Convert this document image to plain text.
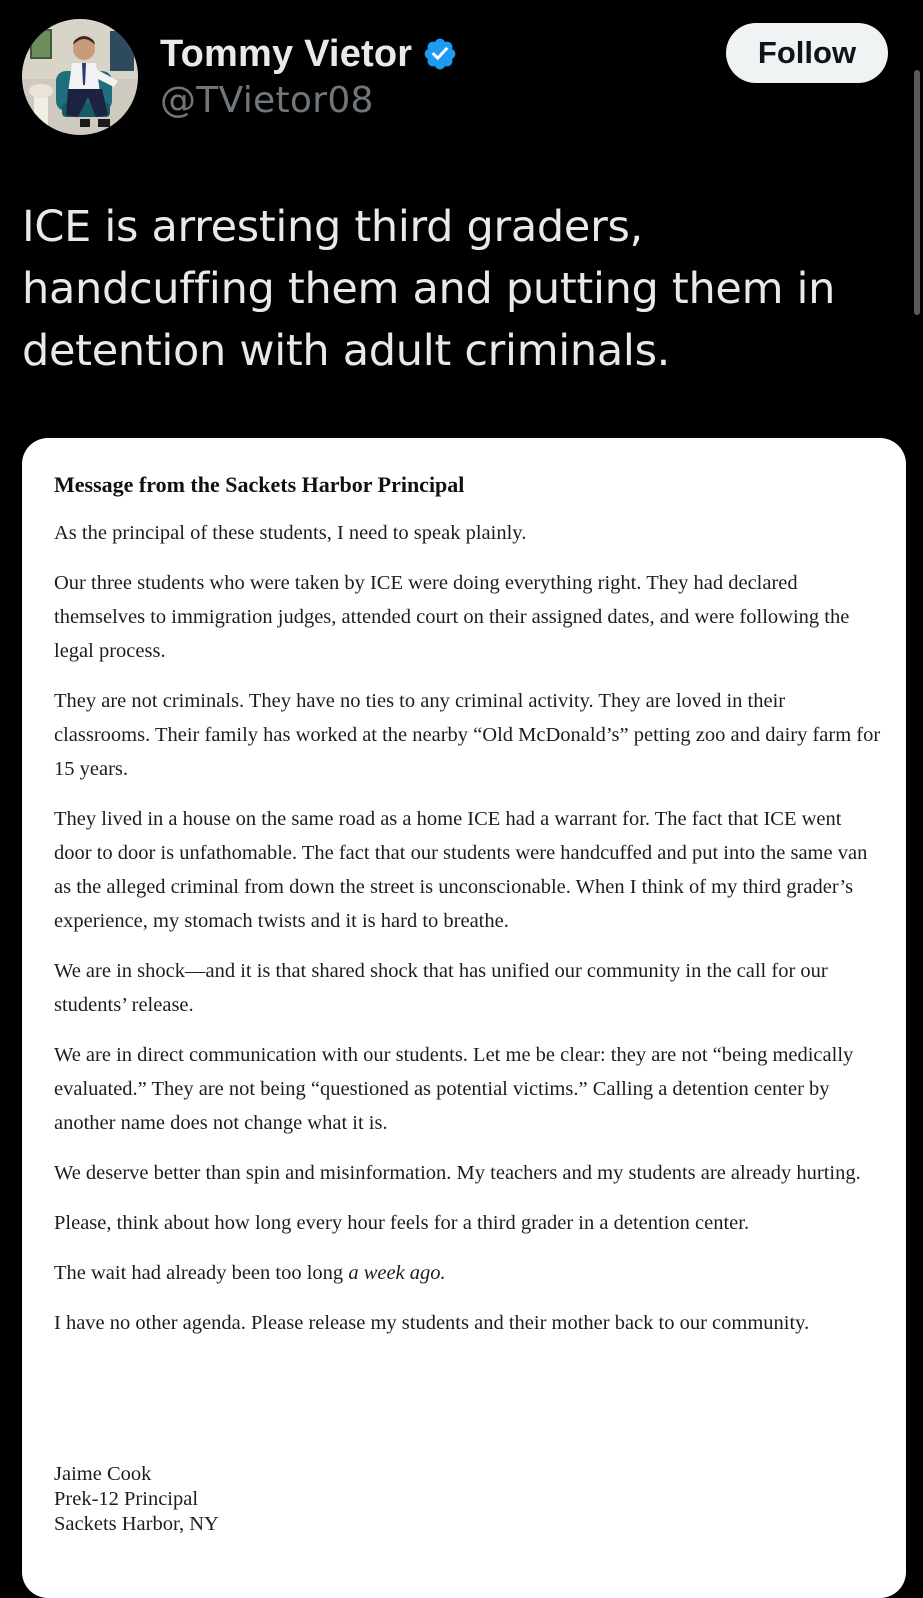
Tommy Vietor
@TVietor08
Follow
ICE is arresting third graders, handcuffing them and putting them in detention with adult criminals.
Message from the Sackets Harbor Principal

As the principal of these students, I need to speak plainly.

Our three students who were taken by ICE were doing everything right. They had declared themselves to immigration judges, attended court on their assigned dates, and were following the legal process.

They are not criminals. They have no ties to any criminal activity. They are loved in their classrooms. Their family has worked at the nearby “Old McDonald’s” petting zoo and dairy farm for 15 years.

They lived in a house on the same road as a home ICE had a warrant for. The fact that ICE went door to door is unfathomable. The fact that our students were handcuffed and put into the same van as the alleged criminal from down the street is unconscionable. When I think of my third grader’s experience, my stomach twists and it is hard to breathe.

We are in shock—and it is that shared shock that has unified our community in the call for our students’ release.

We are in direct communication with our students. Let me be clear: they are not “being medically evaluated.” They are not being “questioned as potential victims.” Calling a detention center by another name does not change what it is.

We deserve better than spin and misinformation. My teachers and my students are already hurting.

Please, think about how long every hour feels for a third grader in a detention center.

The wait had already been too long a week ago.

I have no other agenda. Please release my students and their mother back to our community.

Jaime Cook
Prek-12 Principal
Sackets Harbor, NY
